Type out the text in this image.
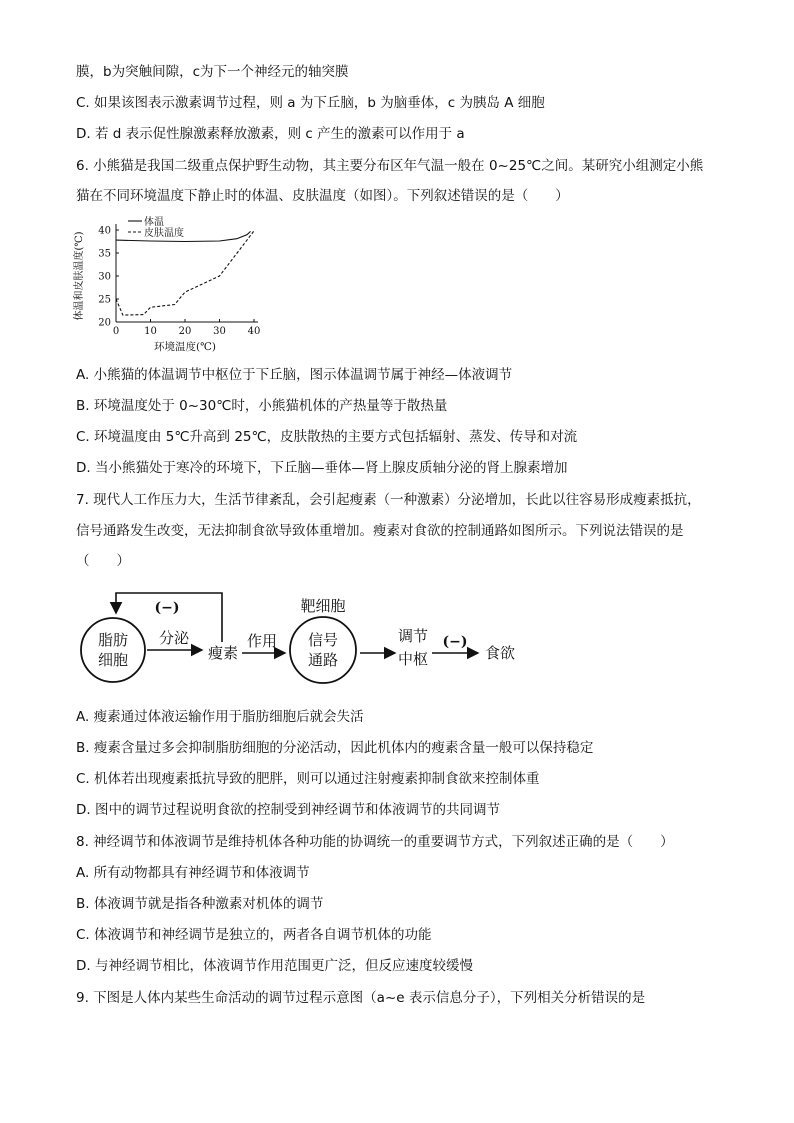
膜，b为突触间隙，c为下一个神经元的轴突膜
C. 如果该图表示激素调节过程，则 a 为下丘脑，b 为脑垂体，c 为胰岛 A 细胞
D. 若 d 表示促性腺激素释放激素，则 c 产生的激素可以作用于 a
6. 小熊猫是我国二级重点保护野生动物，其主要分布区年气温一般在 0~25℃之间。某研究小组测定小熊
猫在不同环境温度下静止时的体温、皮肤温度（如图）。下列叙述错误的是（　　）
0 10 20 30 40
20
25
30
35
40
环境温度(℃)
体温和皮肤温度(℃)
体温
皮肤温度
A. 小熊猫的体温调节中枢位于下丘脑，图示体温调节属于神经—体液调节
B. 环境温度处于 0~30℃时，小熊猫机体的产热量等于散热量
C. 环境温度由 5℃升高到 25℃，皮肤散热的主要方式包括辐射、蒸发、传导和对流
D. 当小熊猫处于寒冷的环境下，下丘脑—垂体—肾上腺皮质轴分泌的肾上腺素增加
7. 现代人工作压力大，生活节律紊乱，会引起瘦素（一种激素）分泌增加，长此以往容易形成瘦素抵抗，
信号通路发生改变，无法抑制食欲导致体重增加。瘦素对食欲的控制通路如图所示。下列说法错误的是
（　　）
(−)
脂肪
细胞
分泌
瘦素
作用
靶细胞
信号
通路
调节
中枢
(−)
食欲
A. 瘦素通过体液运输作用于脂肪细胞后就会失活
B. 瘦素含量过多会抑制脂肪细胞的分泌活动，因此机体内的瘦素含量一般可以保持稳定
C. 机体若出现瘦素抵抗导致的肥胖，则可以通过注射瘦素抑制食欲来控制体重
D. 图中的调节过程说明食欲的控制受到神经调节和体液调节的共同调节
8. 神经调节和体液调节是维持机体各种功能的协调统一的重要调节方式，下列叙述正确的是（　　）
A. 所有动物都具有神经调节和体液调节
B. 体液调节就是指各种激素对机体的调节
C. 体液调节和神经调节是独立的，两者各自调节机体的功能
D. 与神经调节相比，体液调节作用范围更广泛，但反应速度较缓慢
9. 下图是人体内某些生命活动的调节过程示意图（a~e 表示信息分子），下列相关分析错误的是
